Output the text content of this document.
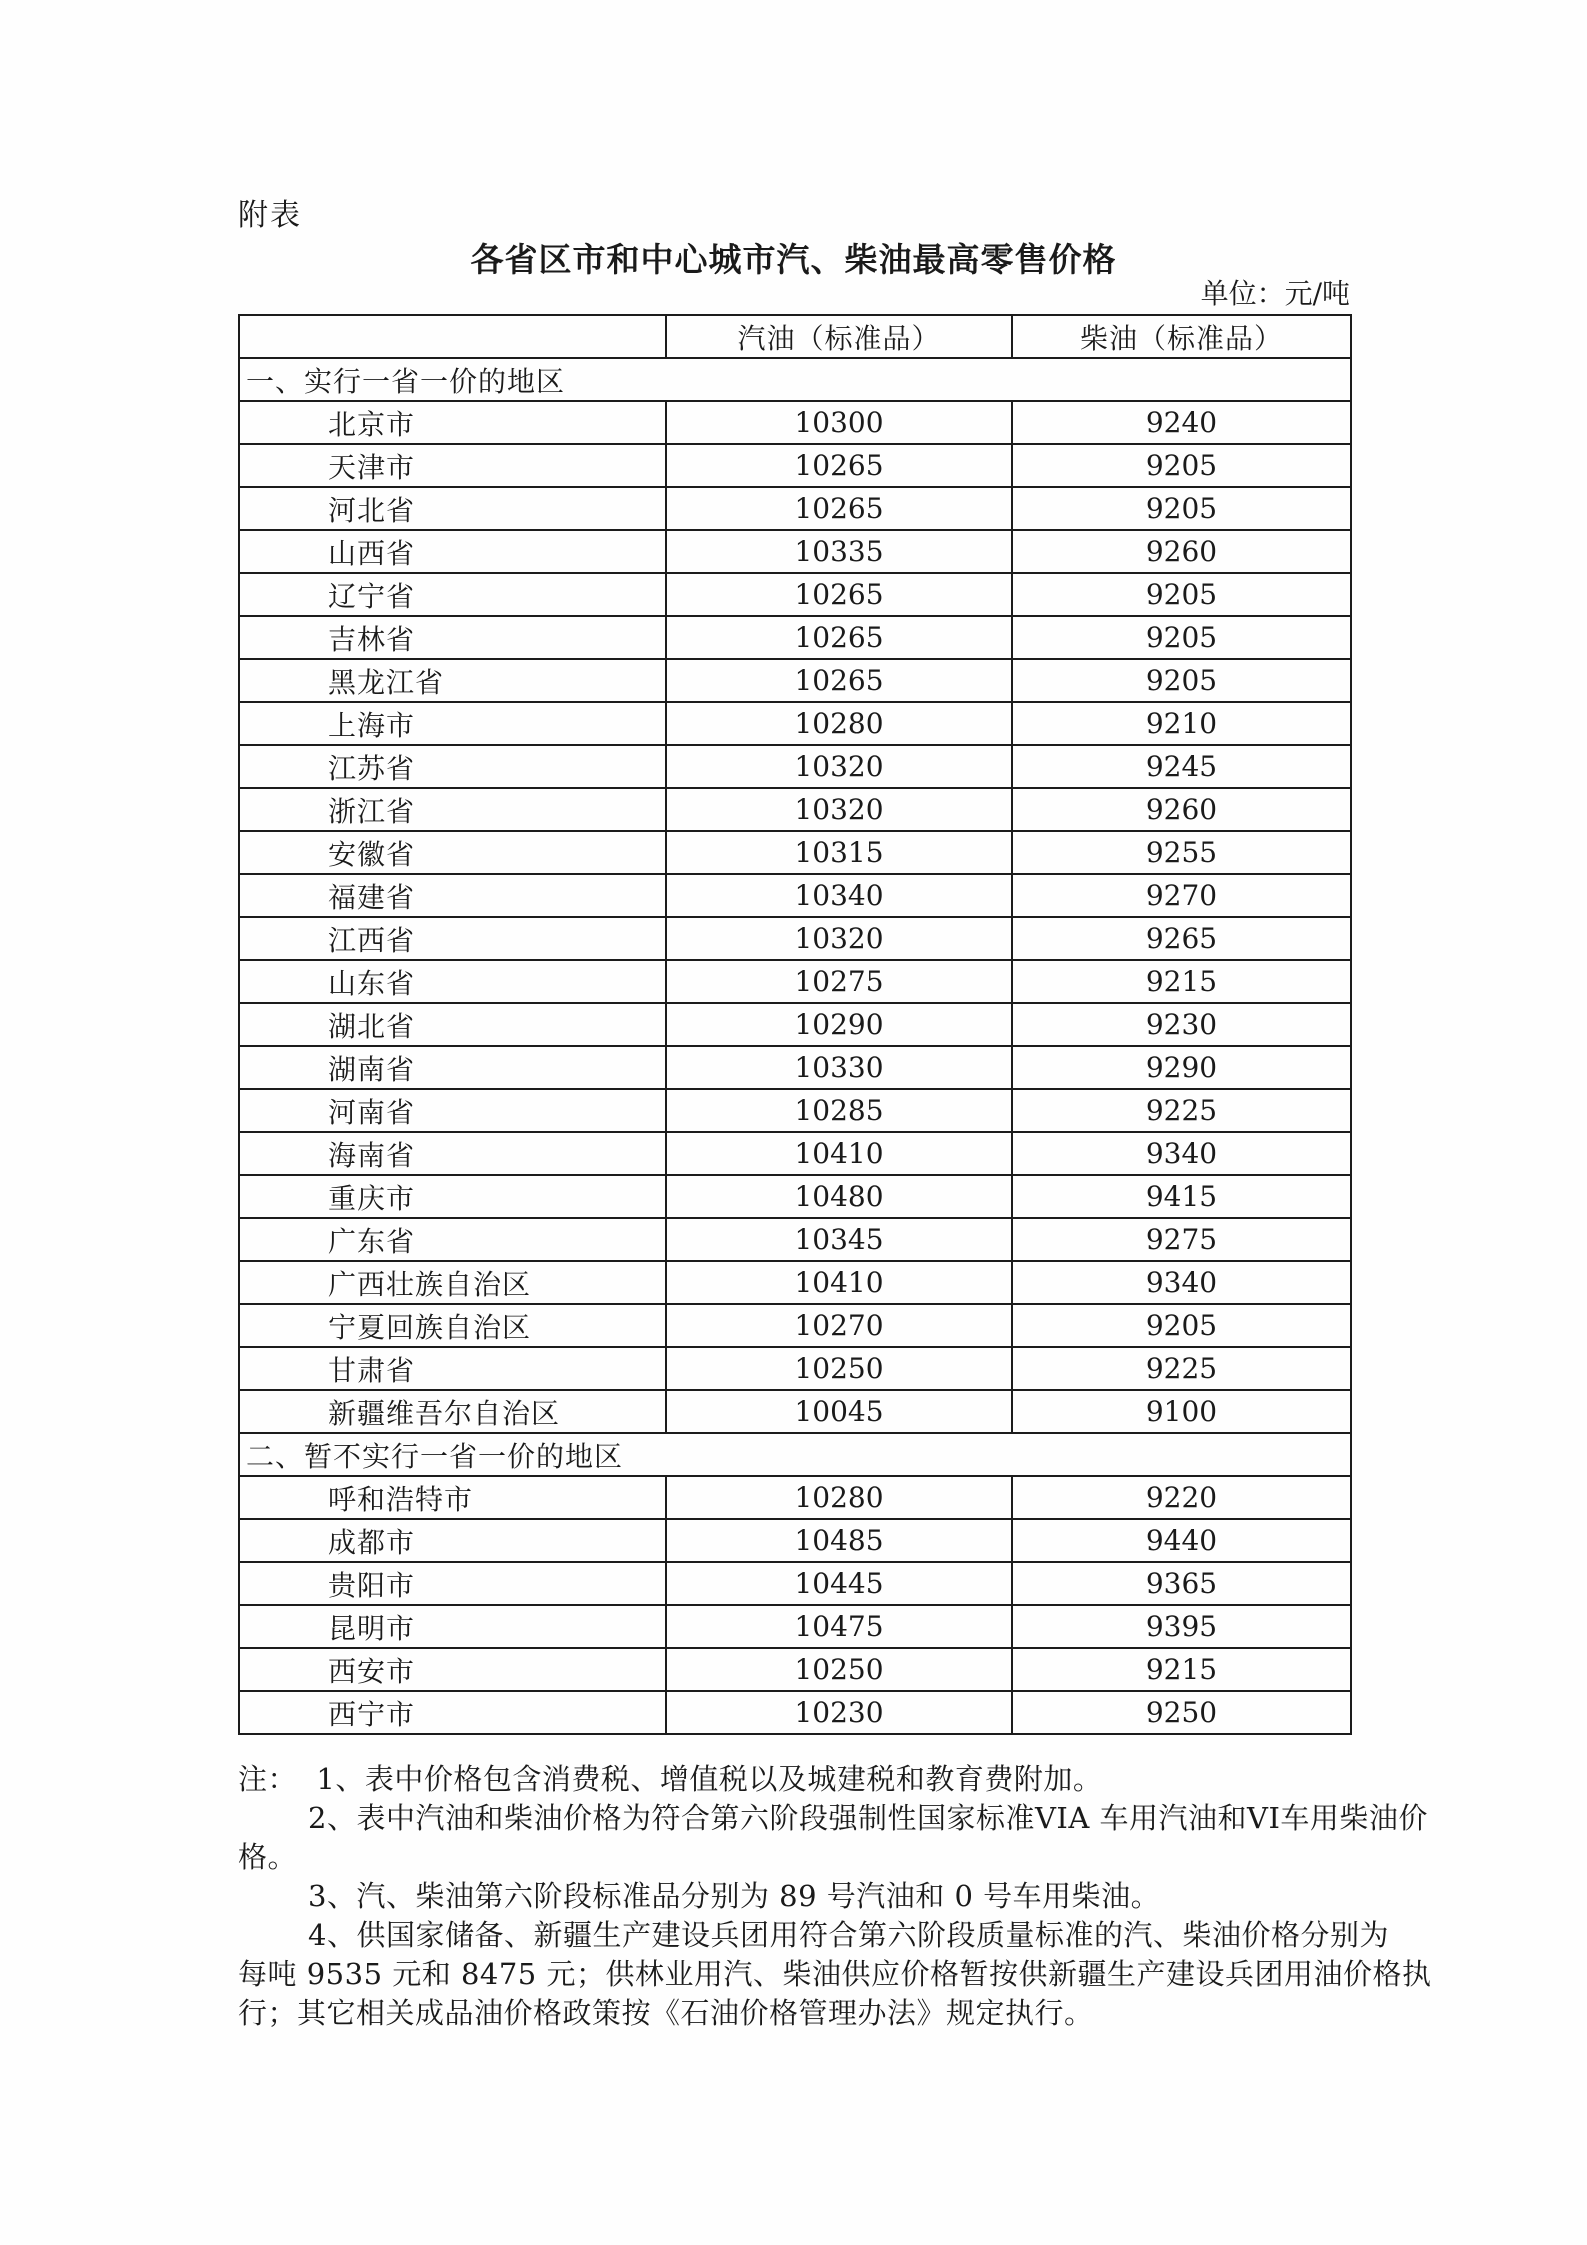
附表
各省区市和中心城市汽、柴油最高零售价格
单位：元/吨
	汽油（标准品）	柴油（标准品）
一、实行一省一价的地区		
北京市	10300	9240
天津市	10265	9205
河北省	10265	9205
山西省	10335	9260
辽宁省	10265	9205
吉林省	10265	9205
黑龙江省	10265	9205
上海市	10280	9210
江苏省	10320	9245
浙江省	10320	9260
安徽省	10315	9255
福建省	10340	9270
江西省	10320	9265
山东省	10275	9215
湖北省	10290	9230
湖南省	10330	9290
河南省	10285	9225
海南省	10410	9340
重庆市	10480	9415
广东省	10345	9275
广西壮族自治区	10410	9340
宁夏回族自治区	10270	9205
甘肃省	10250	9225
新疆维吾尔自治区	10045	9100
二、暂不实行一省一价的地区		
呼和浩特市	10280	9220
成都市	10485	9440
贵阳市	10445	9365
昆明市	10475	9395
西安市	10250	9215
西宁市	10230	9250
注：  1、表中价格包含消费税、增值税以及城建税和教育费附加。
2、表中汽油和柴油价格为符合第六阶段强制性国家标准VIA 车用汽油和VI车用柴油价
格。
3、汽、柴油第六阶段标准品分别为 89 号汽油和 0 号车用柴油。
4、供国家储备、新疆生产建设兵团用符合第六阶段质量标准的汽、柴油价格分别为
每吨 9535 元和 8475 元；供林业用汽、柴油供应价格暂按供新疆生产建设兵团用油价格执
行；其它相关成品油价格政策按《石油价格管理办法》规定执行。
